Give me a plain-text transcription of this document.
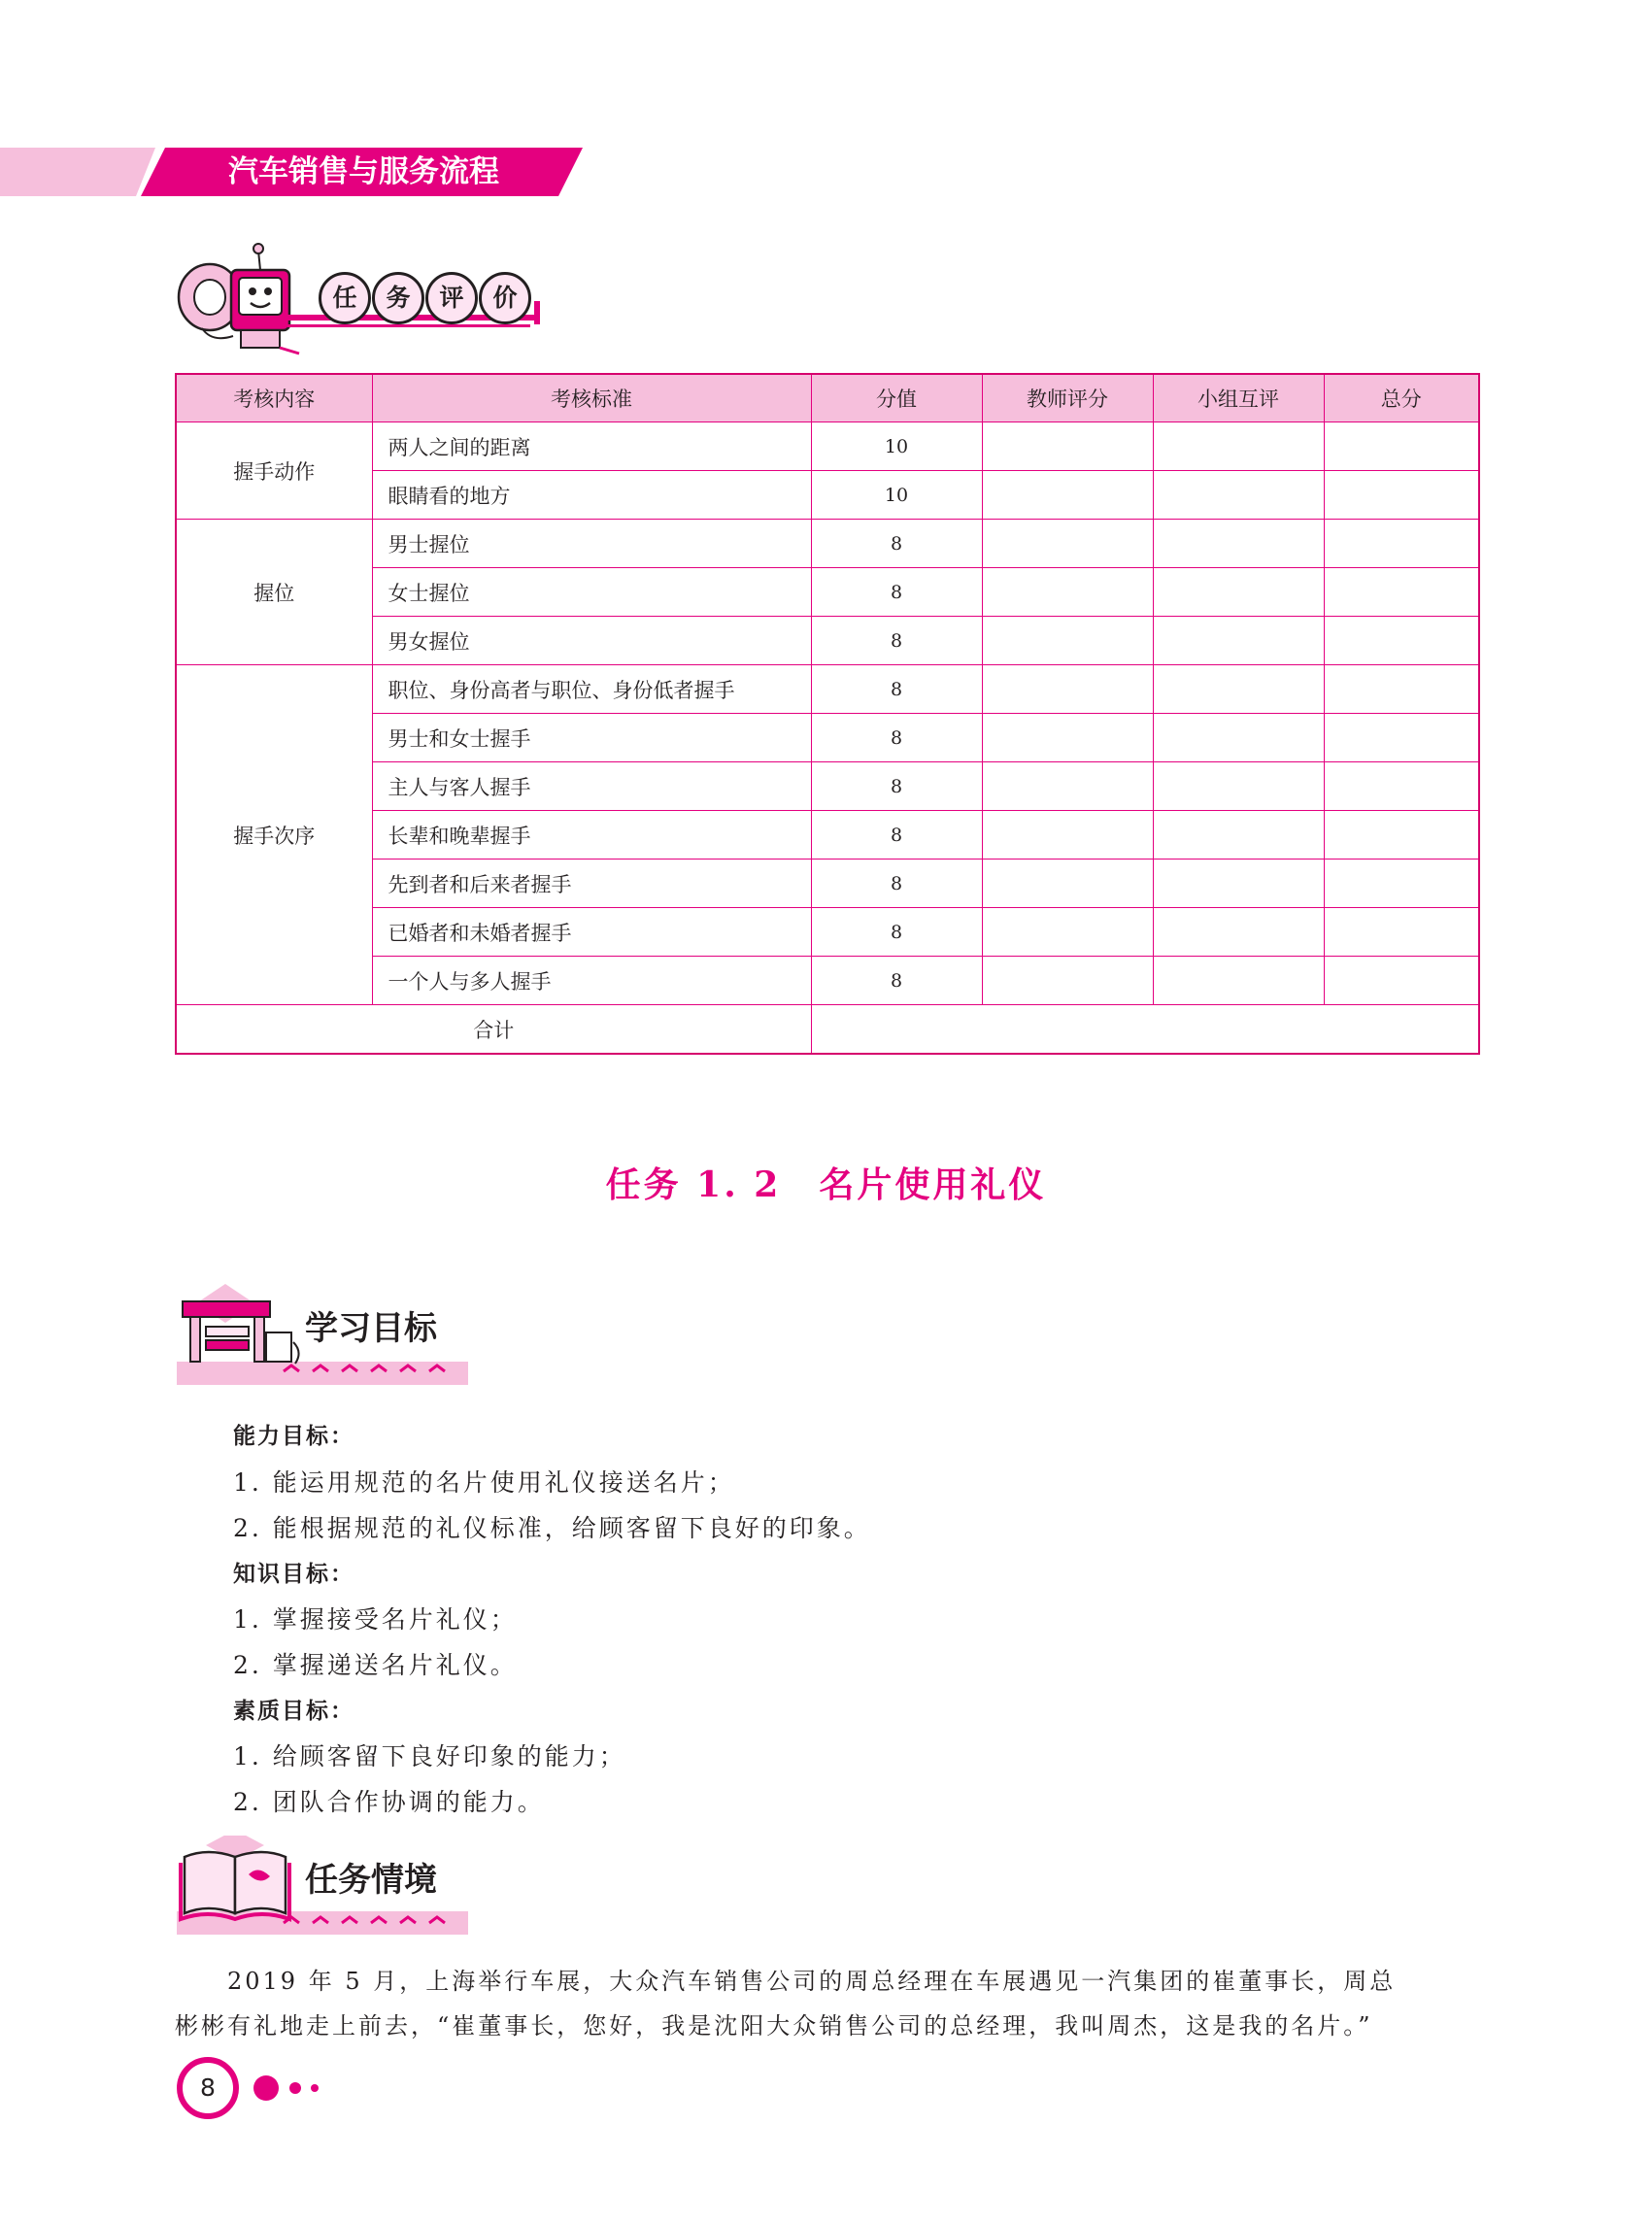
汽车销售与服务流程
任	务	评	价
考核内容	考核标准	分值	教师评分	小组互评	总分
握手动作	两人之间的距离	10			
	眼睛看的地方	10			
握位	男士握位	8			
	女士握位	8			
	男女握位	8			
握手次序	职位、身份高者与职位、身份低者握手	8			
	男士和女士握手	8			
	主人与客人握手	8			
	长辈和晚辈握手	8			
	先到者和后来者握手	8			
	已婚者和未婚者握手	8			
	一个人与多人握手	8			
合计					
任务 1. 2　名片使用礼仪
学习目标
能力目标：
1. 能运用规范的名片使用礼仪接送名片；
2. 能根据规范的礼仪标准，给顾客留下良好的印象。
知识目标：
1. 掌握接受名片礼仪；
2. 掌握递送名片礼仪。
素质目标：
1. 给顾客留下良好印象的能力；
2. 团队合作协调的能力。
任务情境
　　2019 年 5 月，上海举行车展，大众汽车销售公司的周总经理在车展遇见一汽集团的崔董事长，周总
彬彬有礼地走上前去，“崔董事长，您好，我是沈阳大众销售公司的总经理，我叫周杰，这是我的名片。”
8
